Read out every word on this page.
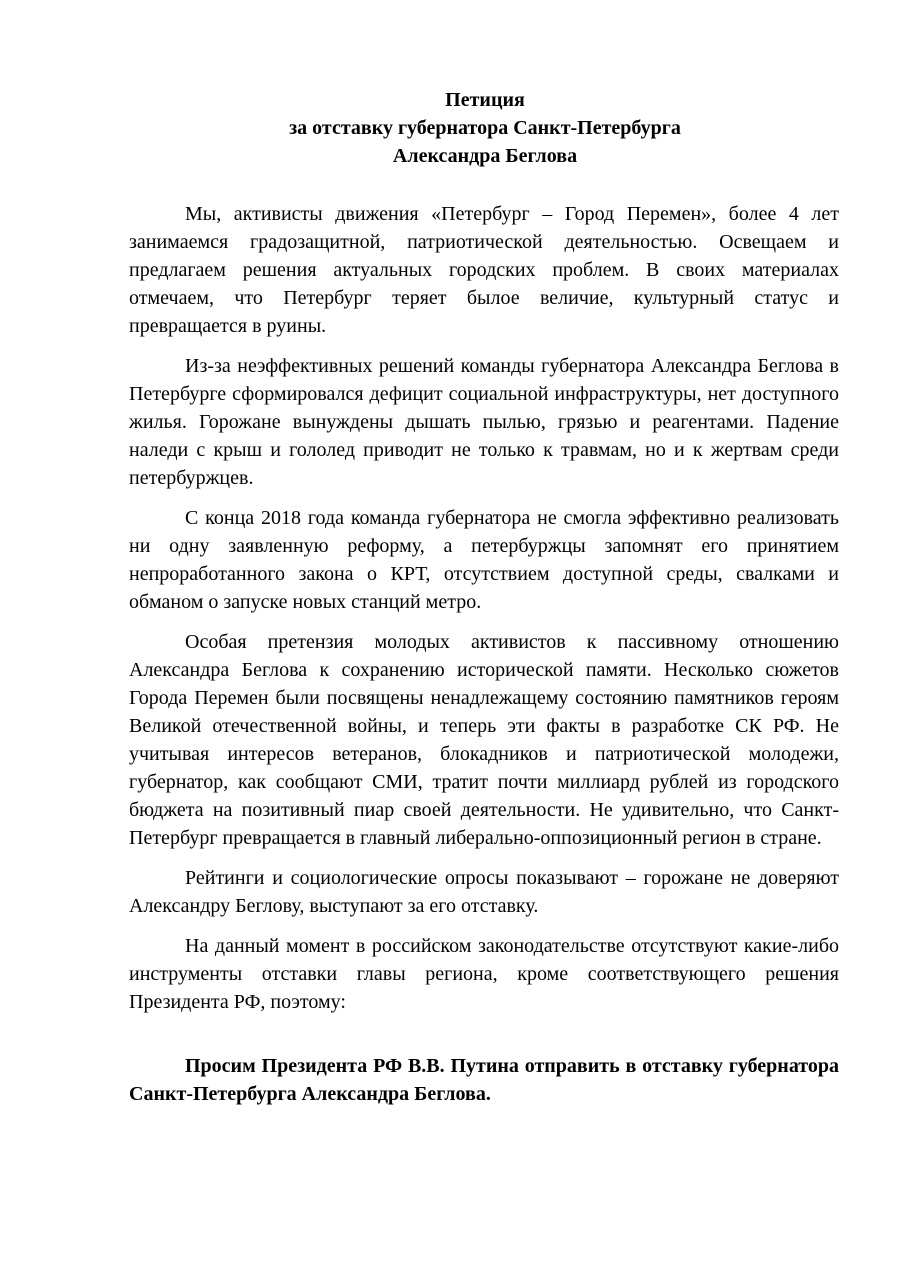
Петиция
за отставку губернатора Санкт-Петербурга
Александра Беглова

Мы, активисты движения «Петербург – Город Перемен», более 4 лет занимаемся градозащитной, патриотической деятельностью. Освещаем и предлагаем решения актуальных городских проблем. В своих материалах отмечаем, что Петербург теряет былое величие, культурный статус и превращается в руины.

Из-за неэффективных решений команды губернатора Александра Беглова в Петербурге сформировался дефицит социальной инфраструктуры, нет доступного жилья. Горожане вынуждены дышать пылью, грязью и реагентами. Падение наледи с крыш и гололед приводит не только к травмам, но и к жертвам среди петербуржцев.

С конца 2018 года команда губернатора не смогла эффективно реализовать ни одну заявленную реформу, а петербуржцы запомнят его принятием непроработанного закона о КРТ, отсутствием доступной среды, свалками и обманом о запуске новых станций метро.

Особая претензия молодых активистов к пассивному отношению Александра Беглова к сохранению исторической памяти. Несколько сюжетов Города Перемен были посвящены ненадлежащему состоянию памятников героям Великой отечественной войны, и теперь эти факты в разработке СК РФ. Не учитывая интересов ветеранов, блокадников и патриотической молодежи, губернатор, как сообщают СМИ, тратит почти миллиард рублей из городского бюджета на позитивный пиар своей деятельности. Не удивительно, что Санкт-Петербург превращается в главный либерально-оппозиционный регион в стране.

Рейтинги и социологические опросы показывают – горожане не доверяют Александру Беглову, выступают за его отставку.

На данный момент в российском законодательстве отсутствуют какие-либо инструменты отставки главы региона, кроме соответствующего решения Президента РФ, поэтому:

Просим Президента РФ В.В. Путина отправить в отставку губернатора Санкт-Петербурга Александра Беглова.
